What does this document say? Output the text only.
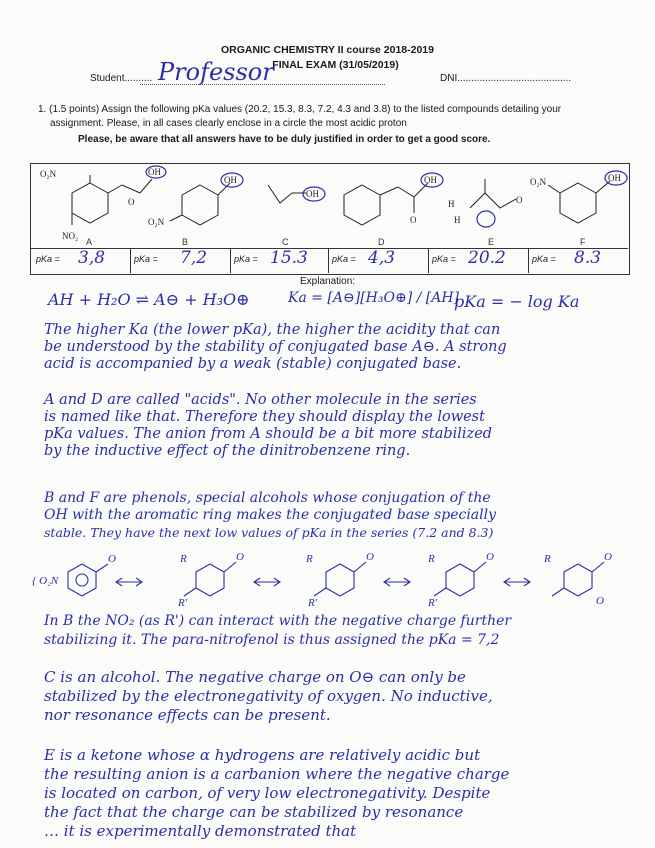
ORGANIC CHEMISTRY II course 2018-2019
FINAL EXAM (31/05/2019)
Student.......... Professor	DNI.........................................
1. (1.5 points) Assign the following pKa values (20.2, 15.3, 8.3, 7.2, 4.3 and 3.8) to the listed compounds detailing your
assignment. Please, in all cases clearly enclose in a circle the most acidic proton
Please, be aware that all answers have to be duly justified in order to get a good score.
O₂N
NO₂
O
OH
OH
O₂N
OH
O
OH
O
H
H
O₂N	OH
A	B	C	D	E	F
pKa = 3,8	pKa = 7,2	pKa = 15.3	pKa = 4,3	pKa = 20.2	pKa = 8.3
Explanation:
AH + H₂O ⇌ A⊖ + H₃O⊕	Ka = [A⊖][H₃O⊕] / [AH]
pKa = − log Ka
The higher Ka (the lower pKa), the higher the acidity that can
be understood by the stability of conjugated base A⊖. A strong
acid is accompanied by a weak (stable) conjugated base.
A and D are called "acids". No other molecule in the series
is named like that. Therefore they should display the lowest
pKa values. The anion from A should be a bit more stabilized
by the inductive effect of the dinitrobenzene ring.
B and F are phenols, special alcohols whose conjugation of the
OH with the aromatic ring makes the conjugated base specially
stable. They have the next low values of pKa in the series (7.2 and 8.3)
{ O₂N
O	R	O
R'
R	O
R'
R	O
R'
R	O
O
In B the NO₂ (as R') can interact with the negative charge further
stabilizing it. The para-nitrofenol is thus assigned the pKa = 7,2
C is an alcohol. The negative charge on O⊖ can only be
stabilized by the electronegativity of oxygen. No inductive,
nor resonance effects can be present.
E is a ketone whose α hydrogens are relatively acidic but
the resulting anion is a carbanion where the negative charge
is located on carbon, of very low electronegativity. Despite
the fact that the charge can be stabilized by resonance
… it is experimentally demonstrated that
